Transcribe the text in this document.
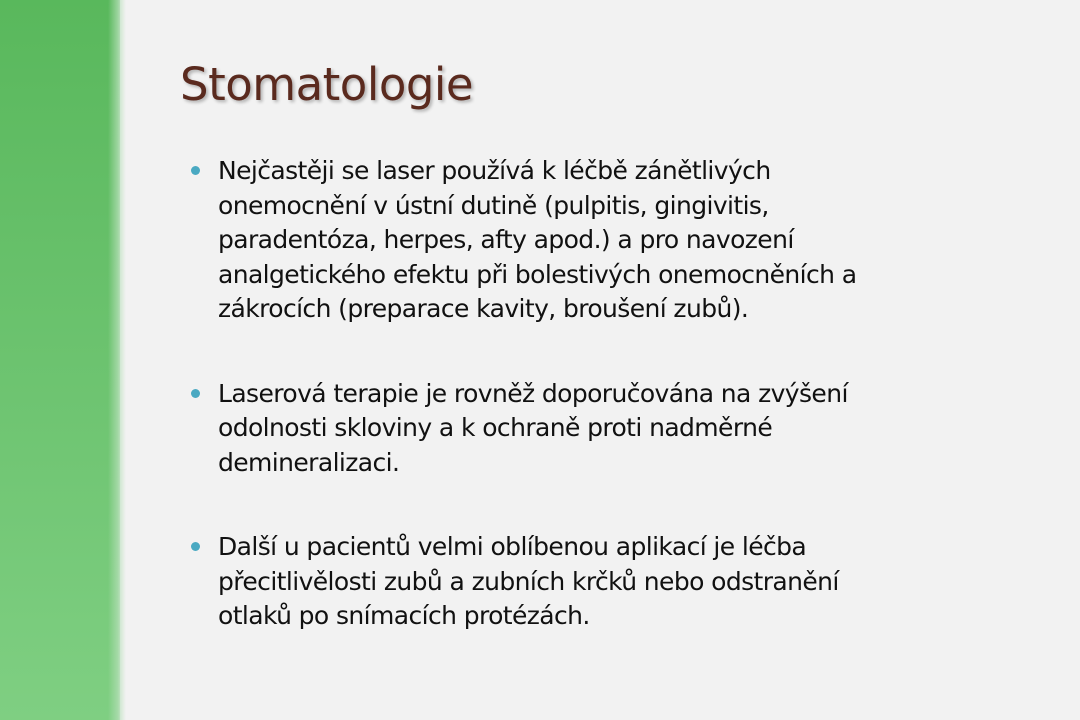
Stomatologie
Nejčastěji se laser používá k léčbě zánětlivých
onemocnění v ústní dutině (pulpitis, gingivitis,
paradentóza, herpes, afty apod.) a pro navození
analgetického efektu při bolestivých onemocněních a
zákrocích (preparace kavity, broušení zubů).
Laserová terapie je rovněž doporučována na zvýšení
odolnosti skloviny a k ochraně proti nadměrné
demineralizaci.
Další u pacientů velmi oblíbenou aplikací je léčba
přecitlivělosti zubů a zubních krčků nebo odstranění
otlaků po snímacích protézách.
